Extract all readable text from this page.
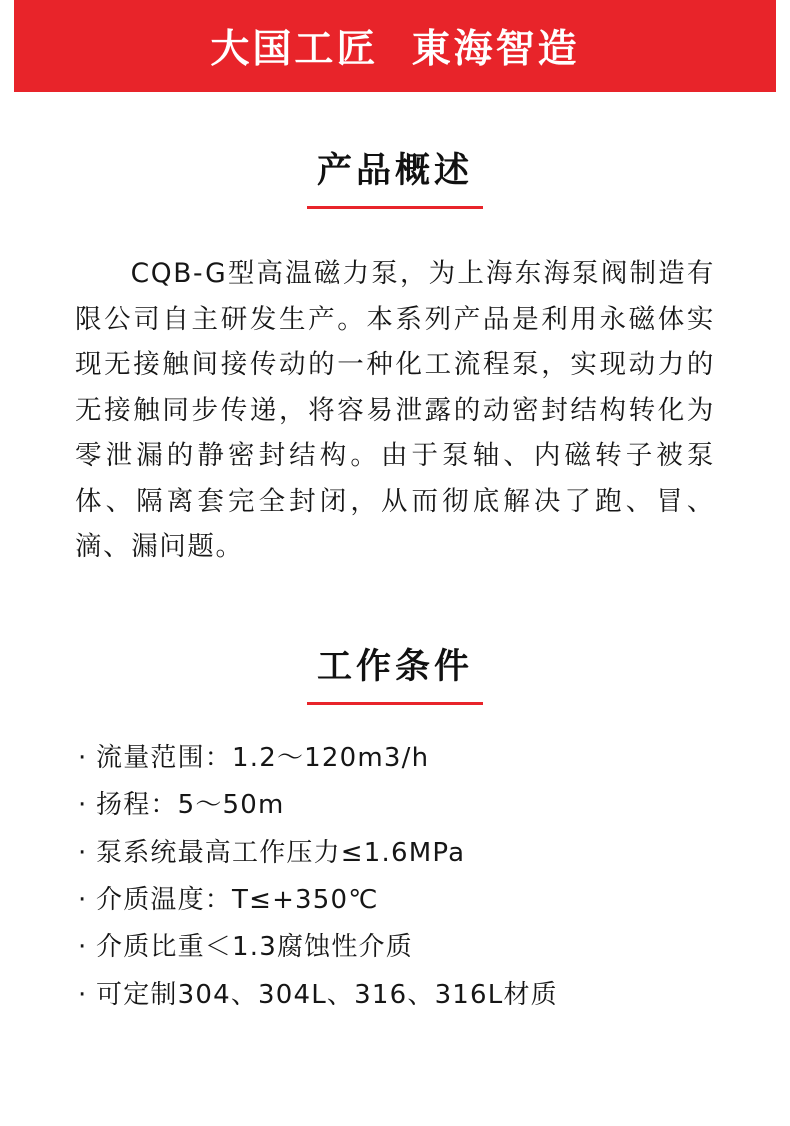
大国工匠  東海智造
产品概述

CQB-G型高温磁力泵，为上海东海泵阀制造有限公司自主研发生产。本系列产品是利用永磁体实现无接触间接传动的一种化工流程泵，实现动力的无接触同步传递，将容易泄露的动密封结构转化为零泄漏的静密封结构。由于泵轴、内磁转子被泵体、隔离套完全封闭，从而彻底解决了跑、冒、滴、漏问题。

工作条件
· 流量范围：1.2～120m3/h
· 扬程：5～50m
· 泵系统最高工作压力≤1.6MPa
· 介质温度：T≤+350℃
· 介质比重＜1.3腐蚀性介质
· 可定制304、304L、316、316L材质
